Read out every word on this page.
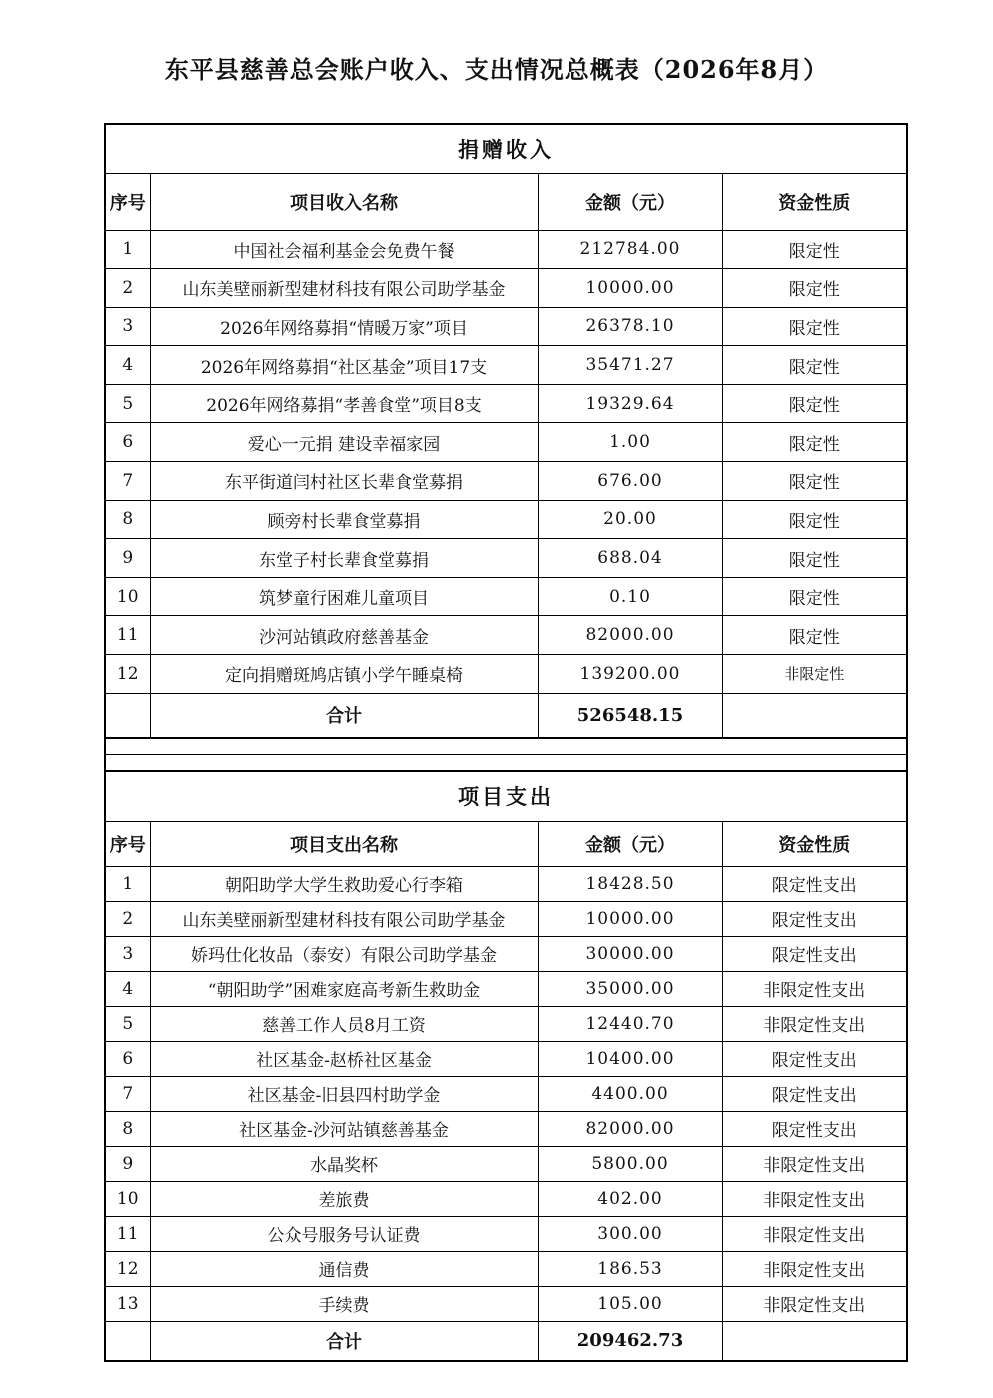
东平县慈善总会账户收入、支出情况总概表（2026年8月）
捐赠收入			
序号	项目收入名称	金额（元）	资金性质
1	中国社会福利基金会免费午餐	212784.00	限定性
2	山东美壁丽新型建材科技有限公司助学基金	10000.00	限定性
3	2026年网络募捐“情暖万家”项目	26378.10	限定性
4	2026年网络募捐“社区基金”项目17支	35471.27	限定性
5	2026年网络募捐“孝善食堂”项目8支	19329.64	限定性
6	爱心一元捐 建设幸福家园	1.00	限定性
7	东平街道闫村社区长辈食堂募捐	676.00	限定性
8	顾旁村长辈食堂募捐	20.00	限定性
9	东堂子村长辈食堂募捐	688.04	限定性
10	筑梦童行困难儿童项目	0.10	限定性
11	沙河站镇政府慈善基金	82000.00	限定性
12	定向捐赠斑鸠店镇小学午睡桌椅	139200.00	非限定性
	合计	526548.15	

项目支出			
序号	项目支出名称	金额（元）	资金性质
1	朝阳助学大学生救助爱心行李箱	18428.50	限定性支出
2	山东美壁丽新型建材科技有限公司助学基金	10000.00	限定性支出
3	娇玛仕化妆品（泰安）有限公司助学基金	30000.00	限定性支出
4	“朝阳助学”困难家庭高考新生救助金	35000.00	非限定性支出
5	慈善工作人员8月工资	12440.70	非限定性支出
6	社区基金-赵桥社区基金	10400.00	限定性支出
7	社区基金-旧县四村助学金	4400.00	限定性支出
8	社区基金-沙河站镇慈善基金	82000.00	限定性支出
9	水晶奖杯	5800.00	非限定性支出
10	差旅费	402.00	非限定性支出
11	公众号服务号认证费	300.00	非限定性支出
12	通信费	186.53	非限定性支出
13	手续费	105.00	非限定性支出
	合计	209462.73	
